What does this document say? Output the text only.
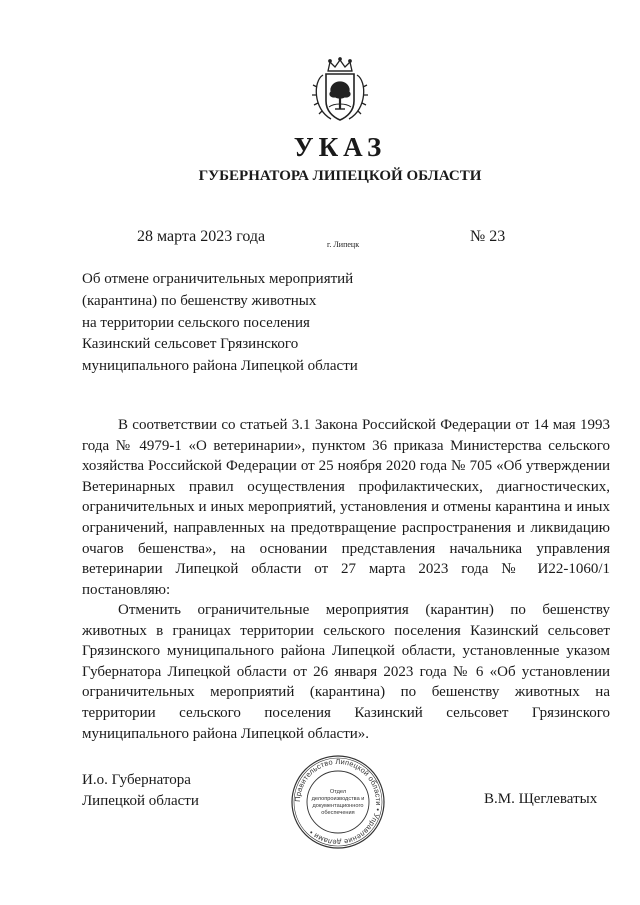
УКАЗ
ГУБЕРНАТОРА ЛИПЕЦКОЙ ОБЛАСТИ
28 марта 2023 года	г. Липецк	№ 23
Об отмене ограничительных мероприятий
(карантина) по бешенству животных
на территории сельского поселения
Казинский сельсовет Грязинского
муниципального района Липецкой области

В соответствии со статьей 3.1 Закона Российской Федерации от 14 мая 1993 года № 4979-1 «О ветеринарии», пунктом 36 приказа Министерства сельского хозяйства Российской Федерации от 25 ноября 2020 года № 705 «Об утверждении Ветеринарных правил осуществления профилактических, диагностических, ограничительных и иных мероприятий, установления и отмены карантина и иных ограничений, направленных на предотвращение распространения и ликвидацию очагов бешенства», на основании представления начальника управления ветеринарии Липецкой области от 27 марта 2023 года № И22-1060/1 постановляю:

Отменить ограничительные мероприятия (карантин) по бешенству животных в границах территории сельского поселения Казинский сельсовет Грязинского муниципального района Липецкой области, установленные указом Губернатора Липецкой области от 26 января 2023 года № 6 «Об установлении ограничительных мероприятий (карантина) по бешенству животных на территории сельского поселения Казинский сельсовет Грязинского муниципального района Липецкой области».

И.о. Губернатора
Липецкой области	Правительство Липецкой области • Управление делами •
Отдел
делопроизводства и
документационного
обеспечения
В.М. Щеглеватых
